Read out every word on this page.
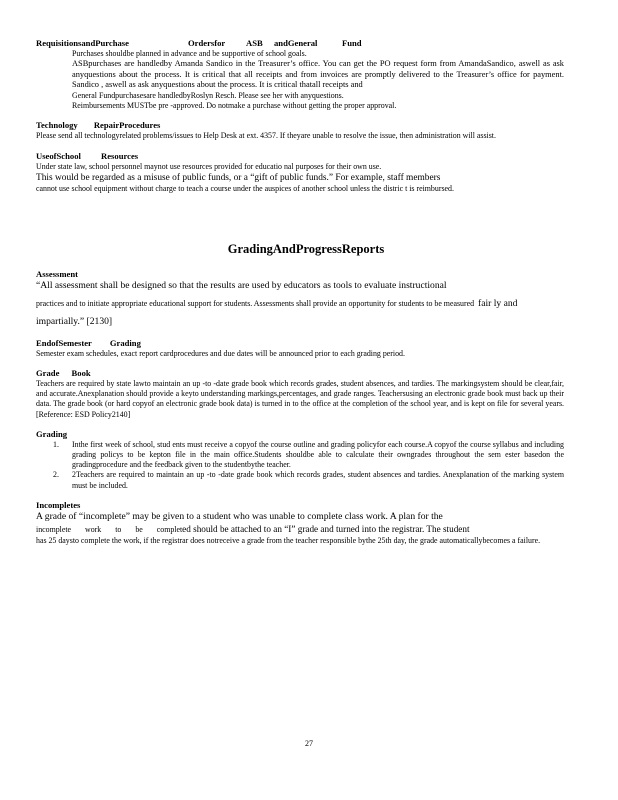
RequisitionsandPurchase	Ordersfor	ASB	andGeneral	Fund
Purchases shouldbe planned in advance and be supportive of school goals.
ASBpurchases are handledby Amanda Sandico in the Treasurer’s office. You can get the PO request form from AmandaSandico, aswell as ask anyquestions about the process. It is critical that all receipts and from invoices are promptly delivered to the Treasurer’s office for payment. Sandico , aswell as ask anyquestions about the process. It is critical thatall receipts and
General Fundpurchasesare handledbyRoslyn Resch. Please see her with anyquestions.
Reimbursements MUSTbe pre -approved. Do notmake a purchase without getting the proper approval.

Technology RepairProcedures

Please send all technologyrelated problems/issues to Help Desk at ext. 4357. If theyare unable to resolve the issue, then administration will assist.

UseofSchool Resources

Under state law, school personnel maynot use resources provided for educatio nal purposes for their own use.

This would be regarded as a misuse of public funds, or a “gift of public funds.” For example, staff members

cannot use school equipment without charge to teach a course under the auspices of another school unless the distric t is reimbursed.

GradingAndProgressReports

Assessment

“All assessment shall be designed so that the results are used by educators as tools to evaluate instructional

practices and to initiate appropriate educational support for students. Assessments shall provide an opportunity for students to be measured fair ly and impartially.” [2130]

EndofSemester Grading

Semester exam schedules, exact report cardprocedures and due dates will be announced prior to each grading period.

Grade Book

Teachers are required by state lawto maintain an up -to -date grade book which records grades, student absences, and tardies. The markingsystem should be clear,fair, and accurate.Anexplanation should provide a keyto understanding markings,percentages, and grade ranges. Teachersusing an electronic grade book must back up their data. The grade book (or hard copyof an electronic grade book data) is turned in to the office at the completion of the school year, and is kept on file for several years. [Reference: ESD Policy2140]

Grading

1.	Inthe first week of school, stud ents must receive a copyof the course outline and grading policyfor each course.A copyof the course syllabus and including grading policys to be kepton file in the main office.Students shouldbe able to calculate their owngrades throughout the sem ester basedon the gradingprocedure and the feedback given to the studentbythe teacher.
2.	2Teachers are required to maintain an up -to -date grade book which records grades, student absences and tardies. Anexplanation of the marking system must be included.

Incompletes

A grade of “incomplete” may be given to a student who was unable to complete class work. A plan for the

incomplete work to be completed should be attached to an “I” grade and turned into the registrar. The student

has 25 daysto complete the work, if the registrar does notreceive a grade from the teacher responsible bythe 25th day, the grade automaticallybecomes a failure.

27
